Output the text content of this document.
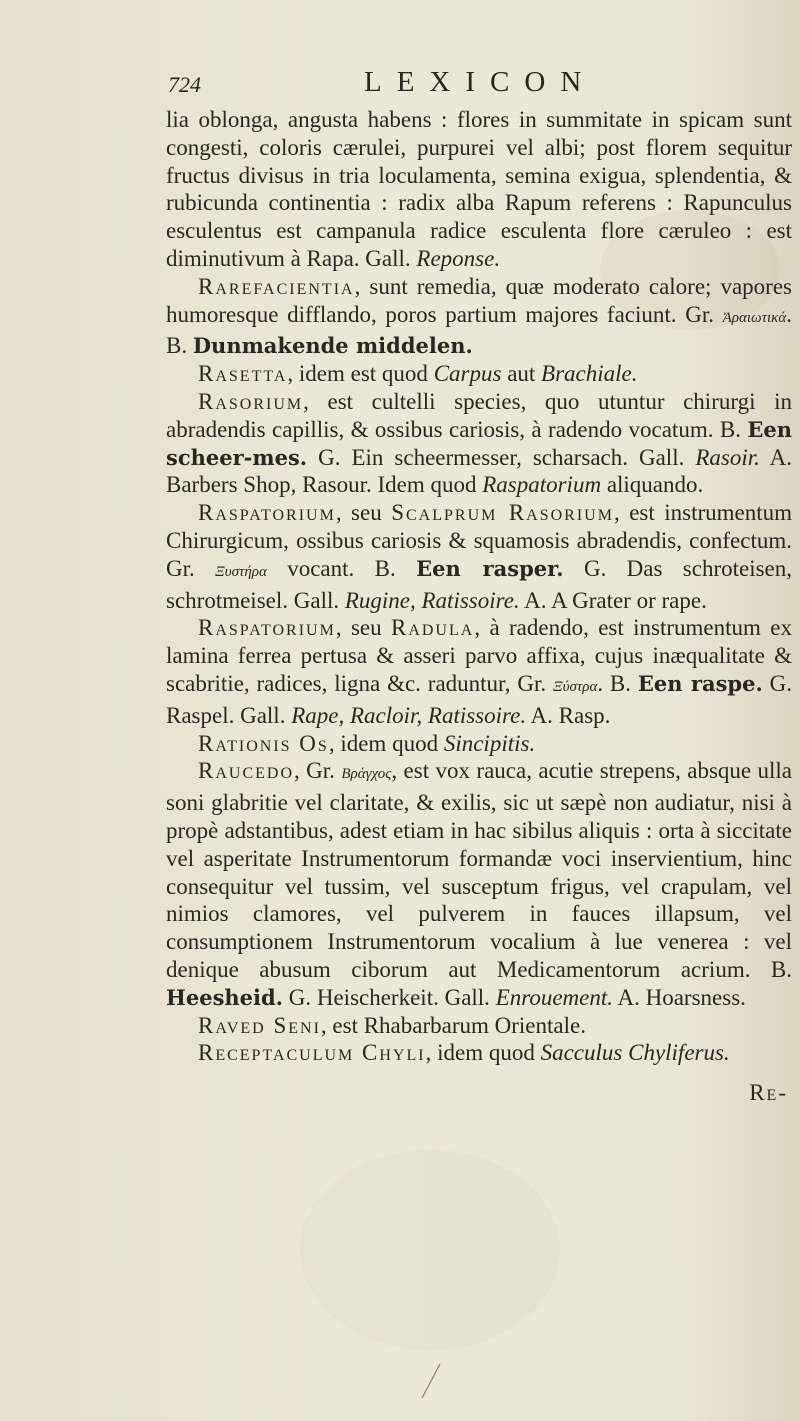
724	LEXICON

lia oblonga, angusta habens : flores in summitate in spicam sunt congesti, coloris cærulei, purpurei vel albi; post florem sequitur fructus divisus in tria loculamenta, semina exigua, splendentia, & rubicunda continentia : radix alba Rapum referens : Rapunculus esculentus est campanula radice esculenta flore cæruleo : est diminutivum à Rapa. Gall. Reponse.

Rarefacientia, sunt remedia, quæ moderato calore; vapores humoresque difflando, poros partium majores faciunt. Gr. Ἀραιωτικά. B. Dunmakende middelen.

Rasetta, idem est quod Carpus aut Brachiale.

Rasorium, est cultelli species, quo utuntur chirurgi in abradendis capillis, & ossibus cariosis, à radendo vocatum. B. Een scheer-mes. G. Ein scheermesser, scharsach. Gall. Rasoir. A. Barbers Shop, Rasour. Idem quod Raspatorium aliquando.

Raspatorium, seu Scalprum Rasorium, est instrumentum Chirurgicum, ossibus cariosis & squamosis abradendis, confectum. Gr. Ξυστήρα vocant. B. Een rasper. G. Das schroteisen, schrotmeisel. Gall. Rugine, Ratissoire. A. A Grater or rape.

Raspatorium, seu Radula, à radendo, est instrumentum ex lamina ferrea pertusa & asseri parvo affixa, cujus inæqualitate & scabritie, radices, ligna &c. raduntur, Gr. Ξύστρα. B. Een raspe. G. Raspel. Gall. Rape, Racloir, Ratissoire. A. Rasp.

Rationis Os, idem quod Sincipitis.

Raucedo, Gr. Βράγχος, est vox rauca, acutie strepens, absque ulla soni glabritie vel claritate, & exilis, sic ut sæpè non audiatur, nisi à propè adstantibus, adest etiam in hac sibilus aliquis : orta à siccitate vel asperitate Instrumentorum formandæ voci inservientium, hinc consequitur vel tussim, vel susceptum frigus, vel crapulam, vel nimios clamores, vel pulverem in fauces illapsum, vel consumptionem Instrumentorum vocalium à lue venerea : vel denique abusum ciborum aut Medicamentorum acrium. B. Heesheid. G. Heischerkeit. Gall. Enrouement. A. Hoarsness.

Raved Seni, est Rhabarbarum Orientale.

Receptaculum Chyli, idem quod Sacculus Chyliferus.

Re-
